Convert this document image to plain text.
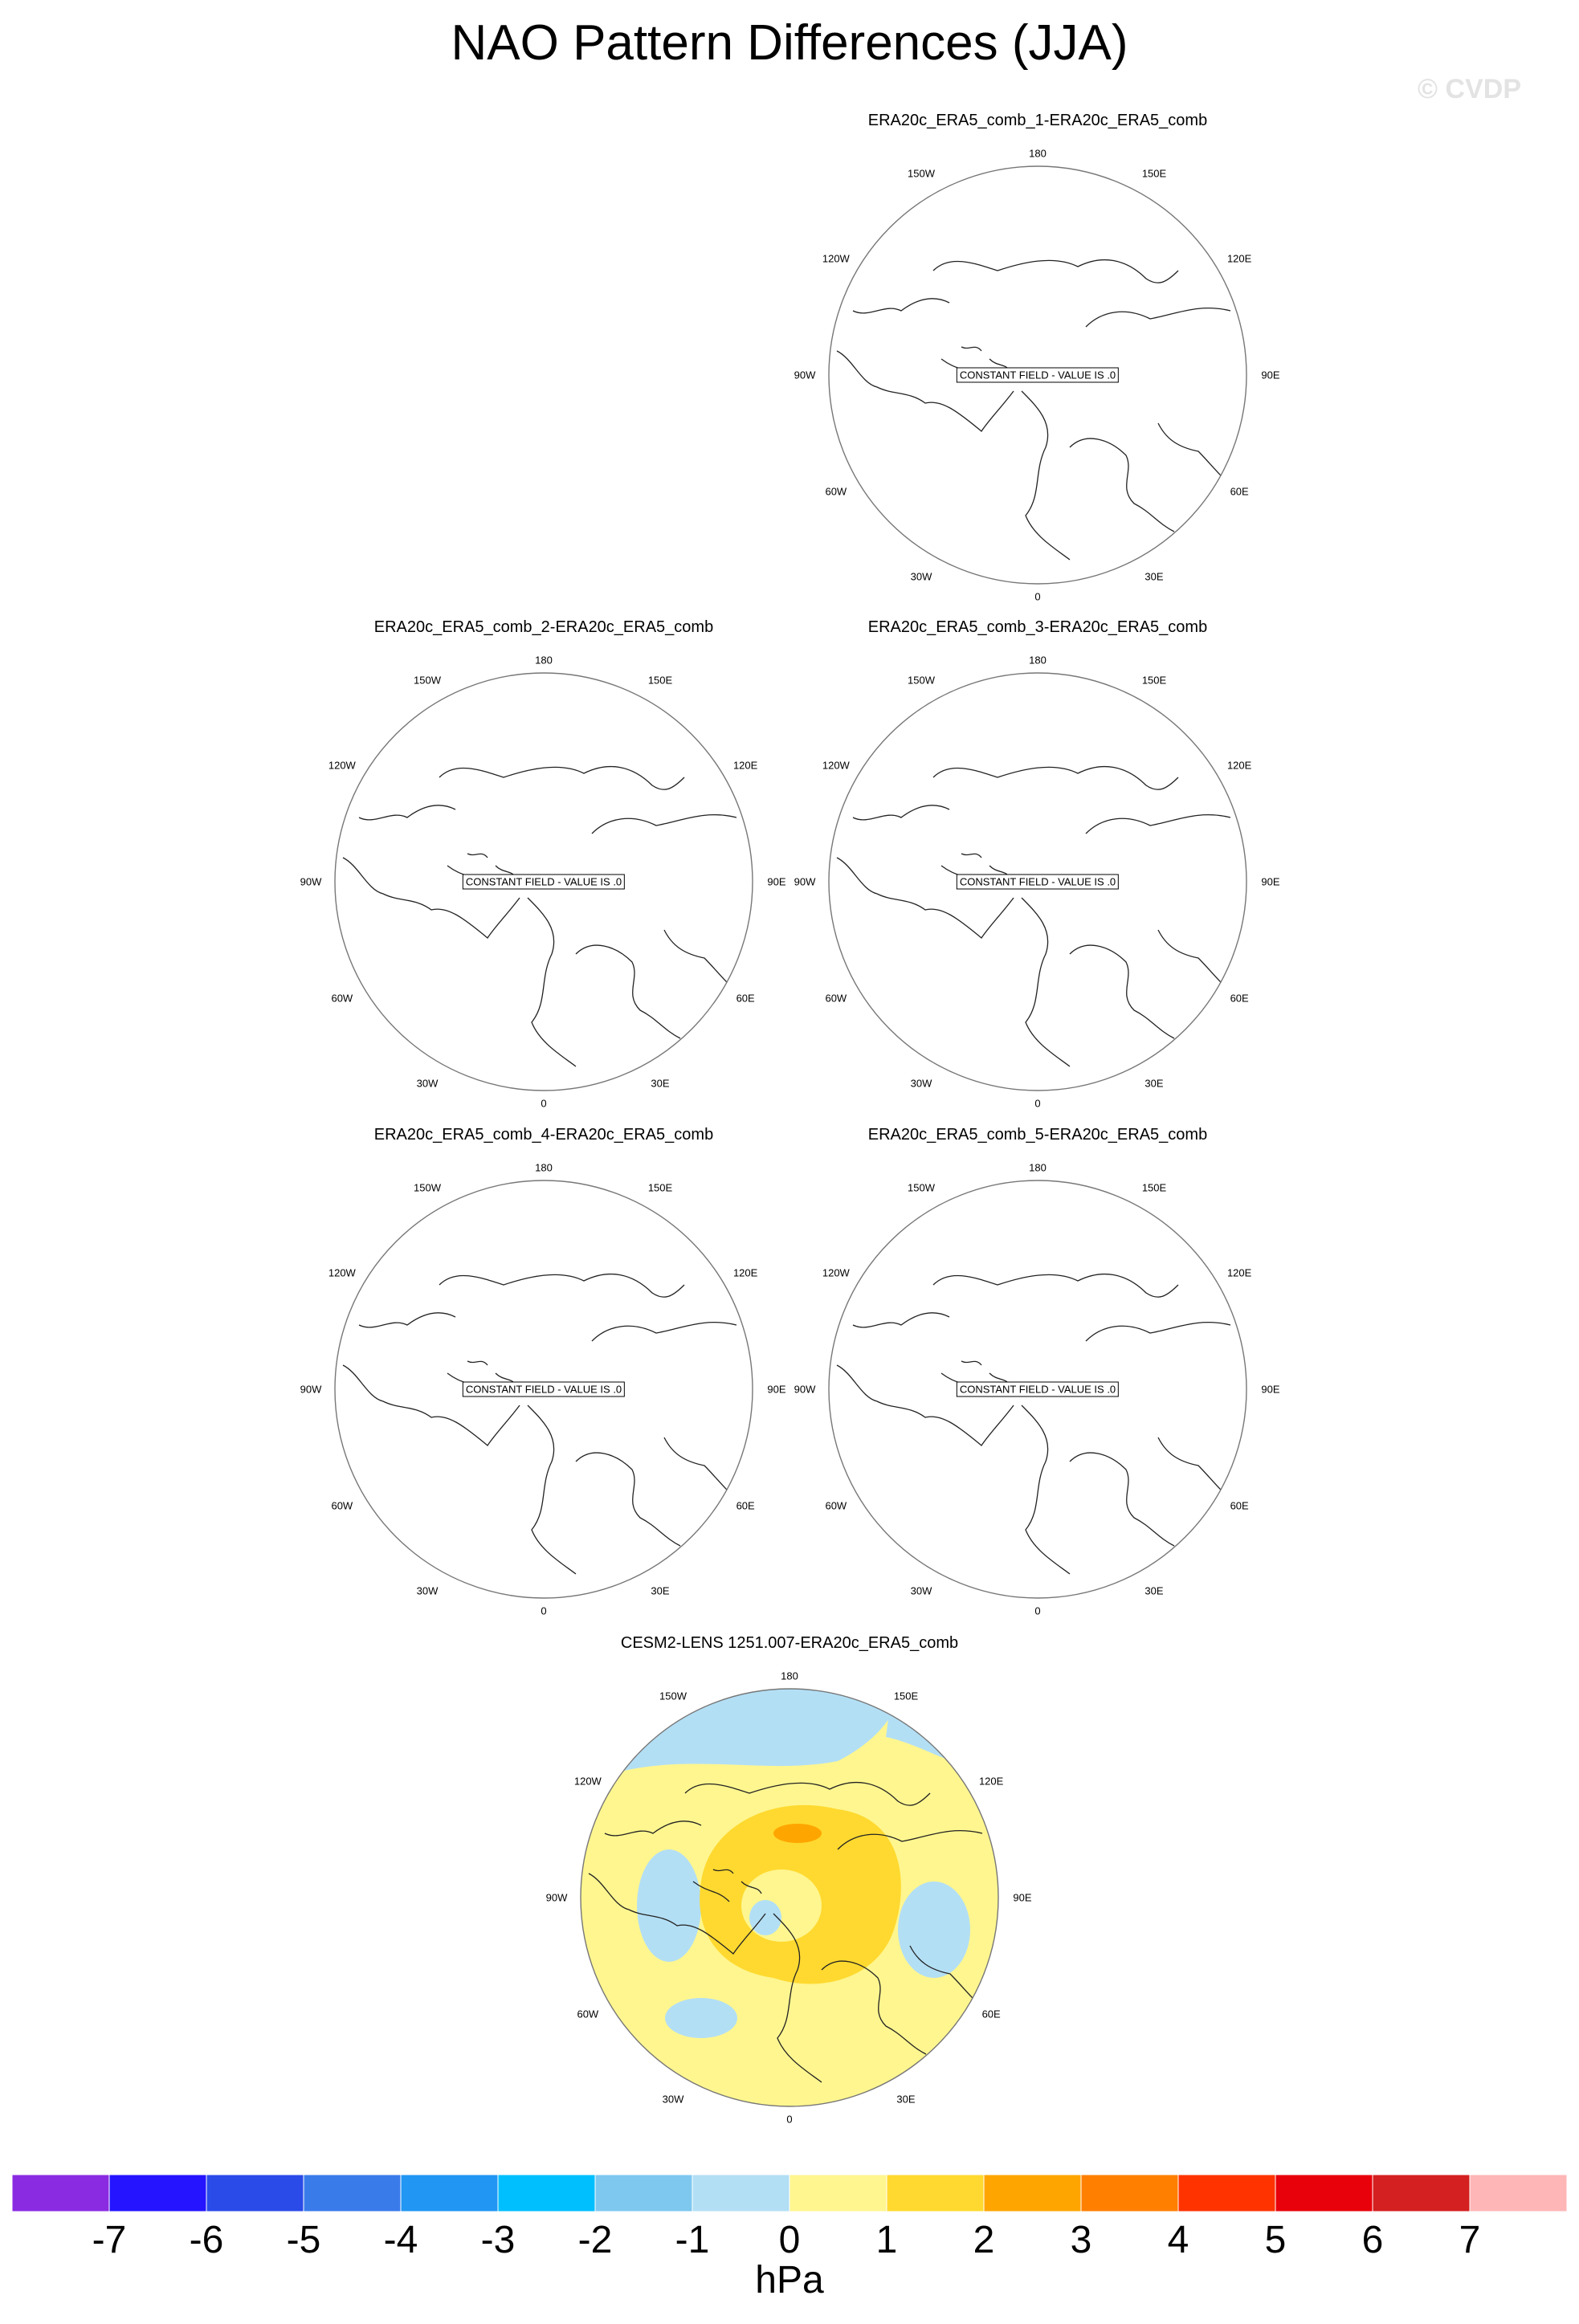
NAO Pattern Differences (JJA)
© CVDP
ERA20c_ERA5_comb_1-ERA20c_ERA5_comb
180
150E
120E
90E
60E
30E
0
30W
60W
90W
120W
150W
CONSTANT FIELD - VALUE IS .0
ERA20c_ERA5_comb_2-ERA20c_ERA5_comb
180
150E
120E
90E
60E
30E
0
30W
60W
90W
120W
150W
CONSTANT FIELD - VALUE IS .0
ERA20c_ERA5_comb_3-ERA20c_ERA5_comb
180
150E
120E
90E
60E
30E
0
30W
60W
90W
120W
150W
CONSTANT FIELD - VALUE IS .0
ERA20c_ERA5_comb_4-ERA20c_ERA5_comb
180
150E
120E
90E
60E
30E
0
30W
60W
90W
120W
150W
CONSTANT FIELD - VALUE IS .0
ERA20c_ERA5_comb_5-ERA20c_ERA5_comb
180
150E
120E
90E
60E
30E
0
30W
60W
90W
120W
150W
CONSTANT FIELD - VALUE IS .0
CESM2-LENS 1251.007-ERA20c_ERA5_comb
180
150E
120E
90E
60E
30E
0
30W
60W
90W
120W
150W
-7 -6 -5 -4 -3 -2 -1 0 1 2 3 4 5 6 7
hPa
